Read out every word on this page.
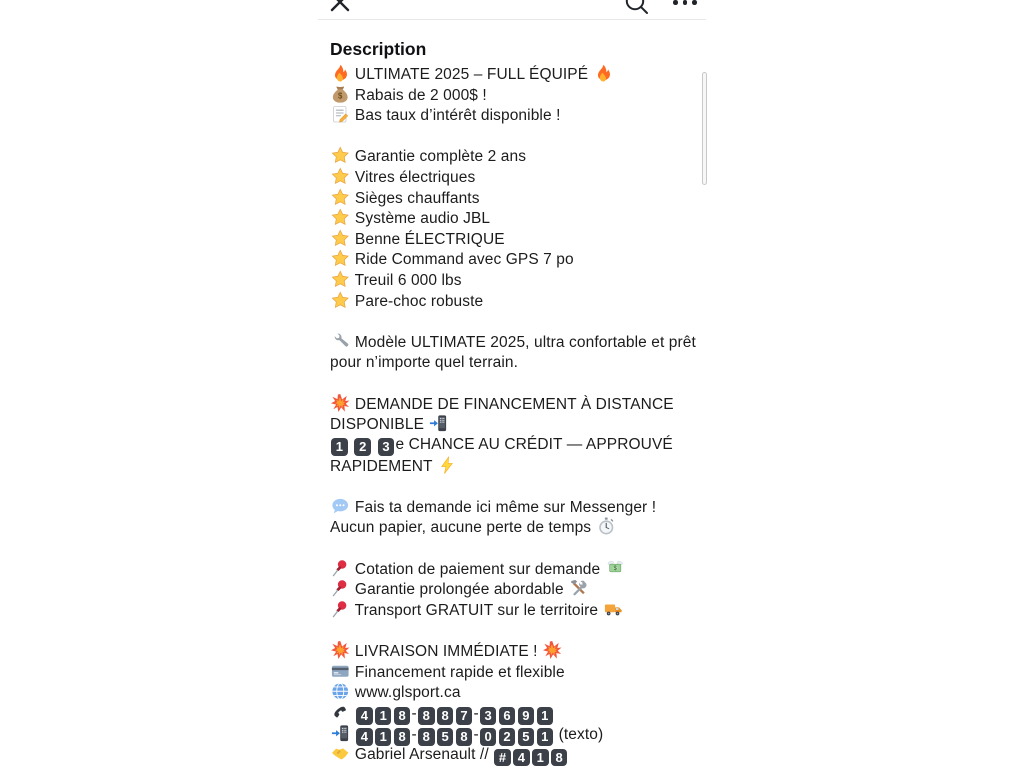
Description
ULTIMATE 2025 – FULL ÉQUIPÉ
$ Rabais de 2 000$ !
Bas taux d’intérêt disponible !

Garantie complète 2 ans
Vitres électriques
Sièges chauffants
Système audio JBL
Benne ÉLECTRIQUE
Ride Command avec GPS 7 po
Treuil 6 000 lbs
Pare-choc robuste

Modèle ULTIMATE 2025, ultra confortable et prêt
pour n’importe quel terrain.

DEMANDE DE FINANCEMENT À DISTANCE
DISPONIBLE
1 2 3 e CHANCE AU CRÉDIT — APPROUVÉ
RAPIDEMENT

Fais ta demande ici même sur Messenger !
Aucun papier, aucune perte de temps

Cotation de paiement sur demande $
Garantie prolongée abordable
Transport GRATUIT sur le territoire

LIVRAISON IMMÉDIATE !
Financement rapide et flexible
www.glsport.ca
4 1 8 - 8 8 7 - 3 6 9 1
4 1 8 - 8 5 8 - 0 2 5 1 (texto)
Gabriel Arsenault // # 4 1 8
